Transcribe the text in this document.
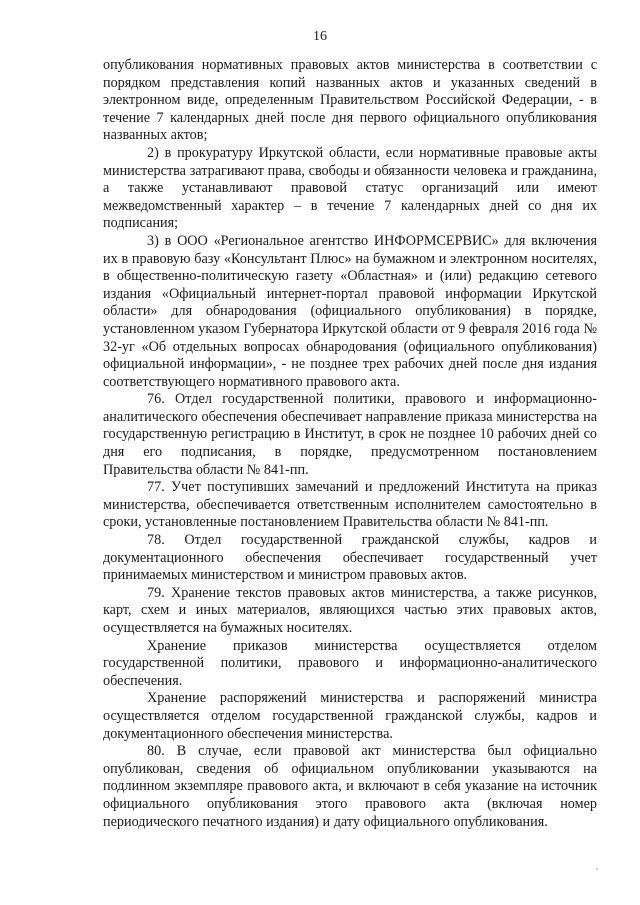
16

опубликования нормативных правовых актов министерства в соответствии с порядком представления копий названных актов и указанных сведений в электронном виде, определенным Правительством Российской Федерации, - в течение 7 календарных дней после дня первого официального опубликования названных актов;

2) в прокуратуру Иркутской области, если нормативные правовые акты министерства затрагивают права, свободы и обязанности человека и гражданина, а также устанавливают правовой статус организаций или имеют межведомственный характер – в течение 7 календарных дней со дня их подписания;

3) в ООО «Региональное агентство ИНФОРМСЕРВИС» для включения их в правовую базу «Консультант Плюс» на бумажном и электронном носителях, в общественно-политическую газету «Областная» и (или) редакцию сетевого издания «Официальный интернет-портал правовой информации Иркутской области» для обнародования (официального опубликования) в порядке, установленном указом Губернатора Иркутской области от 9 февраля 2016 года № 32-уг «Об отдельных вопросах обнародования (официального опубликования) официальной информации», - не позднее трех рабочих дней после дня издания соответствующего нормативного правового акта.

76. Отдел государственной политики, правового и информационно-аналитического обеспечения обеспечивает направление приказа министерства на государственную регистрацию в Институт, в срок не позднее 10 рабочих дней со дня его подписания, в порядке, предусмотренном постановлением Правительства области № 841-пп.

77. Учет поступивших замечаний и предложений Института на приказ министерства, обеспечивается ответственным исполнителем самостоятельно в сроки, установленные постановлением Правительства области № 841-пп.

78. Отдел государственной гражданской службы, кадров и документационного обеспечения обеспечивает государственный учет принимаемых министерством и министром правовых актов.

79. Хранение текстов правовых актов министерства, а также рисунков, карт, схем и иных материалов, являющихся частью этих правовых актов, осуществляется на бумажных носителях.

Хранение приказов министерства осуществляется отделом государственной политики, правового и информационно-аналитического обеспечения.

Хранение распоряжений министерства и распоряжений министра осуществляется отделом государственной гражданской службы, кадров и документационного обеспечения министерства.

80. В случае, если правовой акт министерства был официально опубликован, сведения об официальном опубликовании указываются на подлинном экземпляре правового акта, и включают в себя указание на источник официального опубликования этого правового акта (включая номер периодического печатного издания) и дату официального опубликования.
